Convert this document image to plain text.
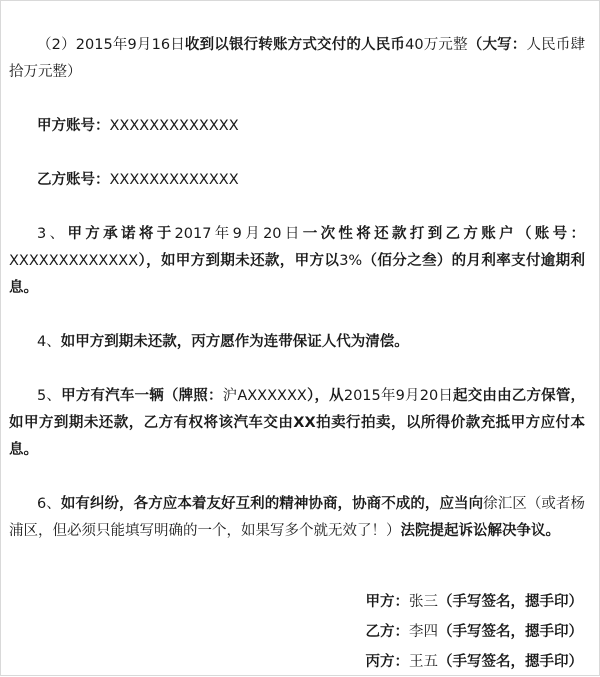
（2）2015年9月16日收到以银行转账方式交付的人民币40万元整（大写：人民币肆拾万元整）

甲方账号：XXXXXXXXXXXXX

乙方账号：XXXXXXXXXXXXX

3、甲方承诺将于2017年9月20日一次性将还款打到乙方账户（账号：XXXXXXXXXXXXX），如甲方到期未还款，甲方以3%（佰分之叁）的月利率支付逾期利息。

4、如甲方到期未还款，丙方愿作为连带保证人代为清偿。

5、甲方有汽车一辆（牌照：沪AXXXXXX），从2015年9月20日起交由由乙方保管，如甲方到期未还款，乙方有权将该汽车交由XX拍卖行拍卖，以所得价款充抵甲方应付本息。

6、如有纠纷，各方应本着友好互利的精神协商，协商不成的，应当向徐汇区（或者杨浦区，但必须只能填写明确的一个，如果写多个就无效了！）法院提起诉讼解决争议。

甲方：张三（手写签名，摁手印）
乙方：李四（手写签名，摁手印）
丙方：王五（手写签名，摁手印）
